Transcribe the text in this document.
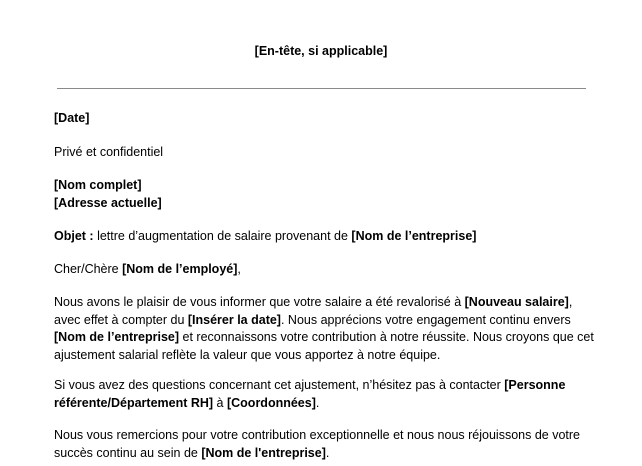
[En-tête, si applicable]

[Date]

Privé et confidentiel

[Nom complet]
[Adresse actuelle]

Objet : lettre d’augmentation de salaire provenant de [Nom de l’entreprise]

Cher/Chère [Nom de l’employé],

Nous avons le plaisir de vous informer que votre salaire a été revalorisé à [Nouveau salaire],
avec effet à compter du [Insérer la date]. Nous apprécions votre engagement continu envers
[Nom de l’entreprise] et reconnaissons votre contribution à notre réussite. Nous croyons que cet
ajustement salarial reflète la valeur que vous apportez à notre équipe.

Si vous avez des questions concernant cet ajustement, n’hésitez pas à contacter [Personne
référente/Département RH] à [Coordonnées].

Nous vous remercions pour votre contribution exceptionnelle et nous nous réjouissons de votre
succès continu au sein de [Nom de l'entreprise].
